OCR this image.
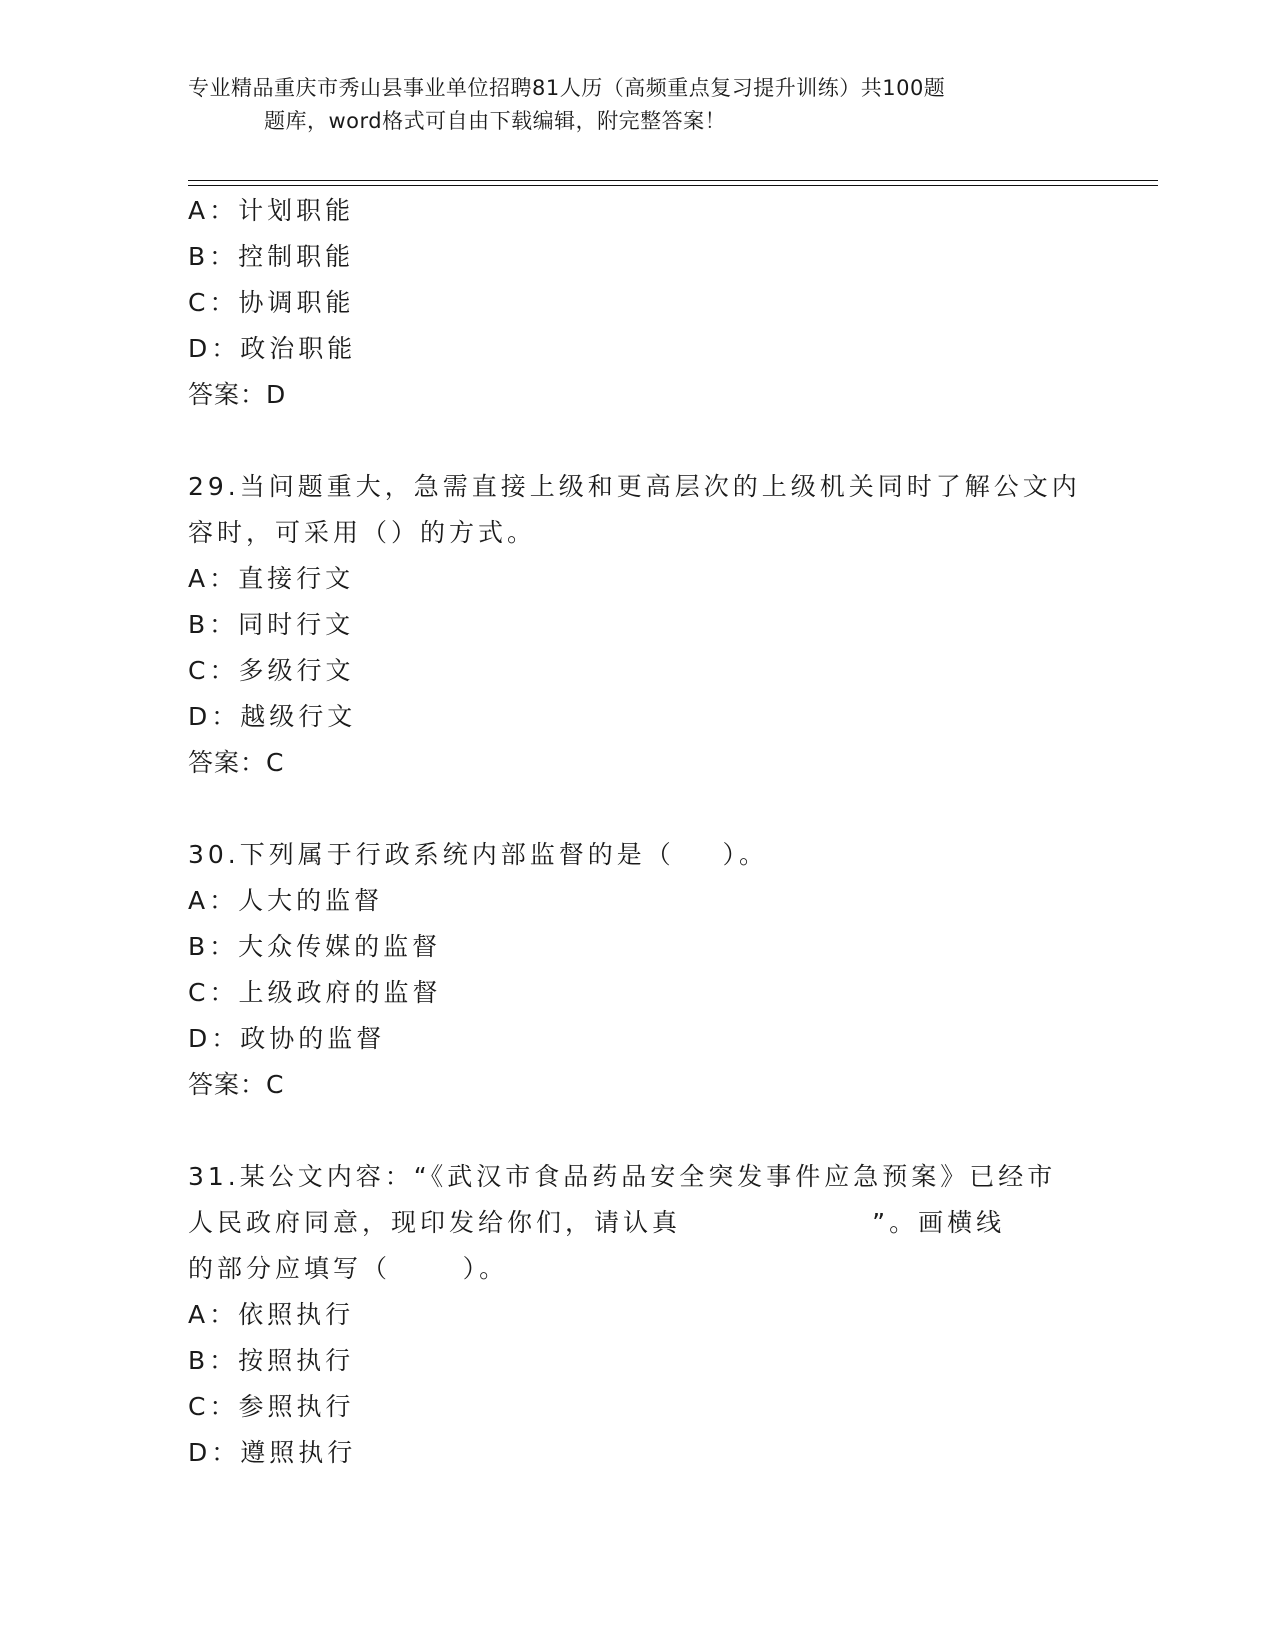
专业精品重庆市秀山县事业单位招聘81人历（高频重点复习提升训练）共100题
题库，word格式可自由下载编辑，附完整答案！
A：计划职能
B：控制职能
C：协调职能
D：政治职能
答案：D
29.当问题重大，急需直接上级和更高层次的上级机关同时了解公文内
容时，可采用（）的方式。
A：直接行文
B：同时行文
C：多级行文
D：越级行文
答案：C
30.下列属于行政系统内部监督的是（    ）。
A：人大的监督
B：大众传媒的监督
C：上级政府的监督
D：政协的监督
答案：C
31.某公文内容：“《武汉市食品药品安全突发事件应急预案》已经市
人民政府同意，现印发给你们，请认真                ”。画横线
的部分应填写（      ）。
A：依照执行
B：按照执行
C：参照执行
D：遵照执行
